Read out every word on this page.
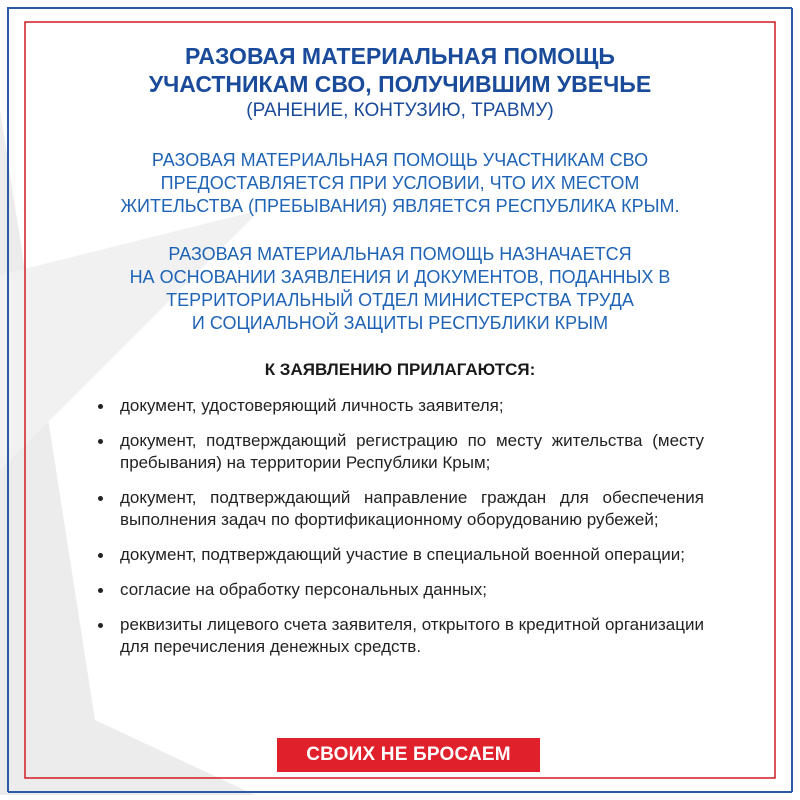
РАЗОВАЯ МАТЕРИАЛЬНАЯ ПОМОЩЬ
УЧАСТНИКАМ СВО, ПОЛУЧИВШИМ УВЕЧЬЕ
(РАНЕНИЕ, КОНТУЗИЮ, ТРАВМУ)
РАЗОВАЯ МАТЕРИАЛЬНАЯ ПОМОЩЬ УЧАСТНИКАМ СВО
ПРЕДОСТАВЛЯЕТСЯ ПРИ УСЛОВИИ, ЧТО ИХ МЕСТОМ
ЖИТЕЛЬСТВА (ПРЕБЫВАНИЯ) ЯВЛЯЕТСЯ РЕСПУБЛИКА КРЫМ.
РАЗОВАЯ МАТЕРИАЛЬНАЯ ПОМОЩЬ НАЗНАЧАЕТСЯ
НА ОСНОВАНИИ ЗАЯВЛЕНИЯ И ДОКУМЕНТОВ, ПОДАННЫХ В
ТЕРРИТОРИАЛЬНЫЙ ОТДЕЛ МИНИСТЕРСТВА ТРУДА
И СОЦИАЛЬНОЙ ЗАЩИТЫ РЕСПУБЛИКИ КРЫМ
К ЗАЯВЛЕНИЮ ПРИЛАГАЮТСЯ:
документ, удостоверяющий личность заявителя;
документ, подтверждающий регистрацию по месту жительства (месту пребывания) на территории Республики Крым;
документ, подтверждающий направление граждан для обеспечения выполнения задач по фортификационному оборудованию рубежей;
документ, подтверждающий участие в специальной военной операции;
согласие на обработку персональных данных;
реквизиты лицевого счета заявителя, открытого в кредитной организации для перечисления денежных средств.
СВОИХ НЕ БРОСАЕМ
